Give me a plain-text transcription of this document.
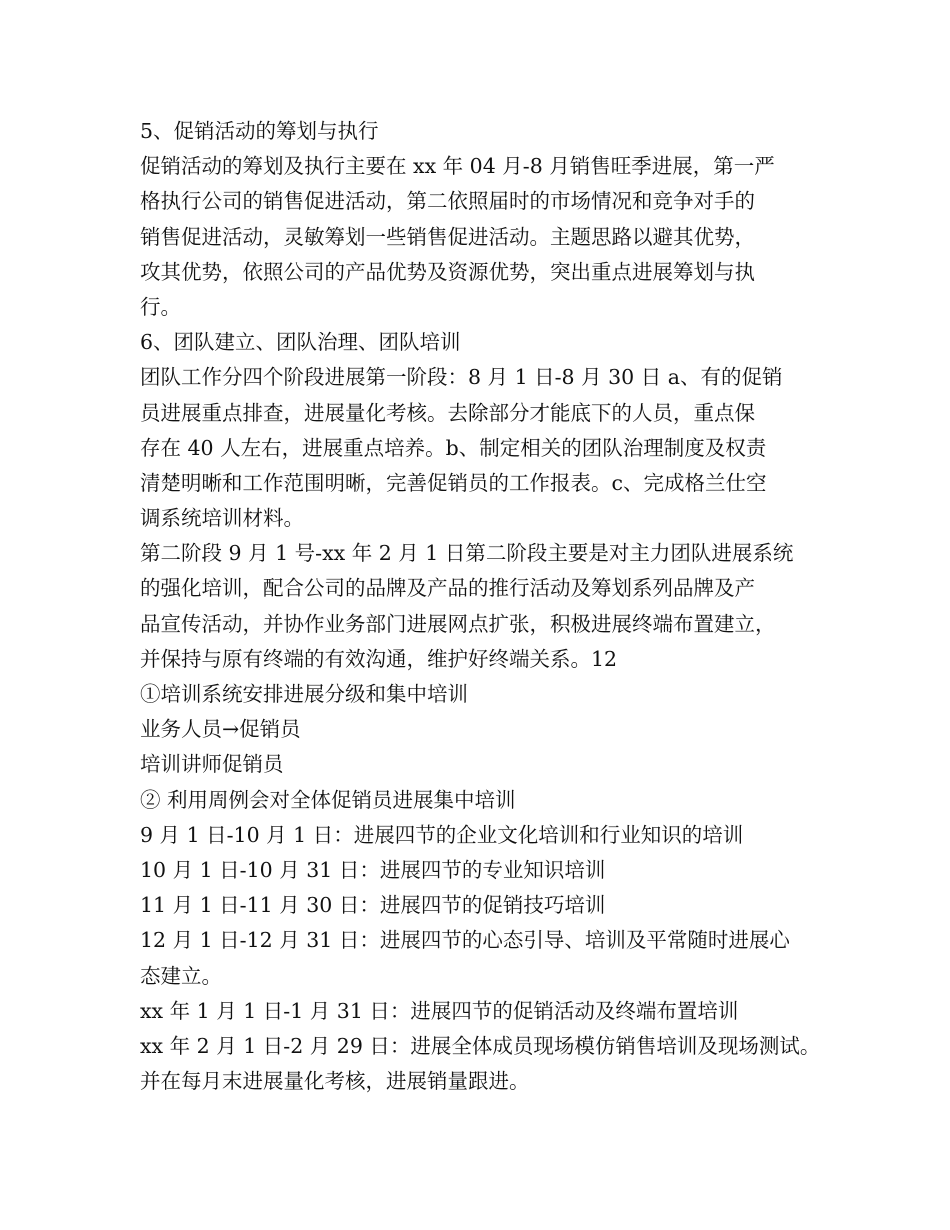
5、促销活动的筹划与执行
促销活动的筹划及执行主要在 xx 年 04 月-8 月销售旺季进展，第一严
格执行公司的销售促进活动，第二依照届时的市场情况和竞争对手的
销售促进活动，灵敏筹划一些销售促进活动。主题思路以避其优势，
攻其优势，依照公司的产品优势及资源优势，突出重点进展筹划与执
行。
6、团队建立、团队治理、团队培训
团队工作分四个阶段进展第一阶段：8 月 1 日-8 月 30 日 a、有的促销
员进展重点排查，进展量化考核。去除部分才能底下的人员，重点保
存在 40 人左右，进展重点培养。b、制定相关的团队治理制度及权责
清楚明晰和工作范围明晰，完善促销员的工作报表。c、完成格兰仕空
调系统培训材料。
第二阶段 9 月 1 号-xx 年 2 月 1 日第二阶段主要是对主力团队进展系统
的强化培训，配合公司的品牌及产品的推行活动及筹划系列品牌及产
品宣传活动，并协作业务部门进展网点扩张，积极进展终端布置建立，
并保持与原有终端的有效沟通，维护好终端关系。12
①培训系统安排进展分级和集中培训
业务人员→促销员
培训讲师促销员
② 利用周例会对全体促销员进展集中培训
9 月 1 日-10 月 1 日：进展四节的企业文化培训和行业知识的培训
10 月 1 日-10 月 31 日：进展四节的专业知识培训
11 月 1 日-11 月 30 日：进展四节的促销技巧培训
12 月 1 日-12 月 31 日：进展四节的心态引导、培训及平常随时进展心
态建立。
xx 年 1 月 1 日-1 月 31 日：进展四节的促销活动及终端布置培训
xx 年 2 月 1 日-2 月 29 日：进展全体成员现场模仿销售培训及现场测试。
并在每月末进展量化考核，进展销量跟进。
